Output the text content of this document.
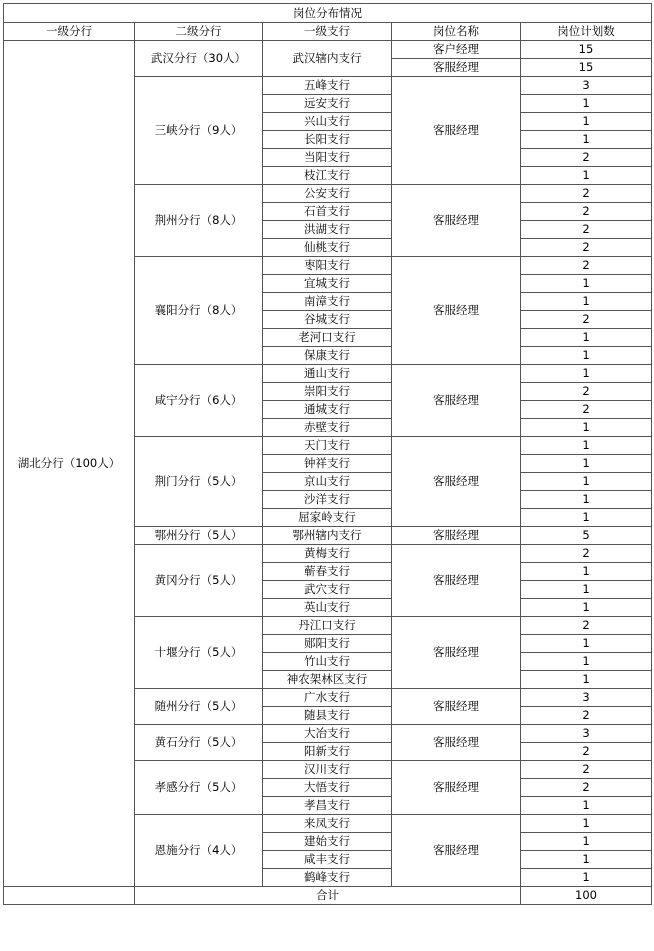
岗位分布情况				
一级分行	二级分行	一级支行	岗位名称	岗位计划数
湖北分行（100人）	武汉分行（30人）	武汉辖内支行	客户经理	15
			客服经理	15
	三峡分行（9人）	五峰支行	客服经理	3
		远安支行		1
		兴山支行		1
		长阳支行		1
		当阳支行		2
		枝江支行		1
	荆州分行（8人）	公安支行	客服经理	2
		石首支行		2
		洪湖支行		2
		仙桃支行		2
	襄阳分行（8人）	枣阳支行	客服经理	2
		宜城支行		1
		南漳支行		1
		谷城支行		2
		老河口支行		1
		保康支行		1
	咸宁分行（6人）	通山支行	客服经理	1
		崇阳支行		2
		通城支行		2
		赤壁支行		1
	荆门分行（5人）	天门支行	客服经理	1
		钟祥支行		1
		京山支行		1
		沙洋支行		1
		屈家岭支行		1
	鄂州分行（5人）	鄂州辖内支行	客服经理	5
	黄冈分行（5人）	黄梅支行	客服经理	2
		蕲春支行		1
		武穴支行		1
		英山支行		1
	十堰分行（5人）	丹江口支行	客服经理	2
		郧阳支行		1
		竹山支行		1
		神农架林区支行		1
	随州分行（5人）	广水支行	客服经理	3
		随县支行		2
	黄石分行（5人）	大冶支行	客服经理	3
		阳新支行		2
	孝感分行（5人）	汉川支行	客服经理	2
		大悟支行		2
		孝昌支行		1
	恩施分行（4人）	来凤支行	客服经理	1
		建始支行		1
		咸丰支行		1
		鹤峰支行		1
	合计			100
